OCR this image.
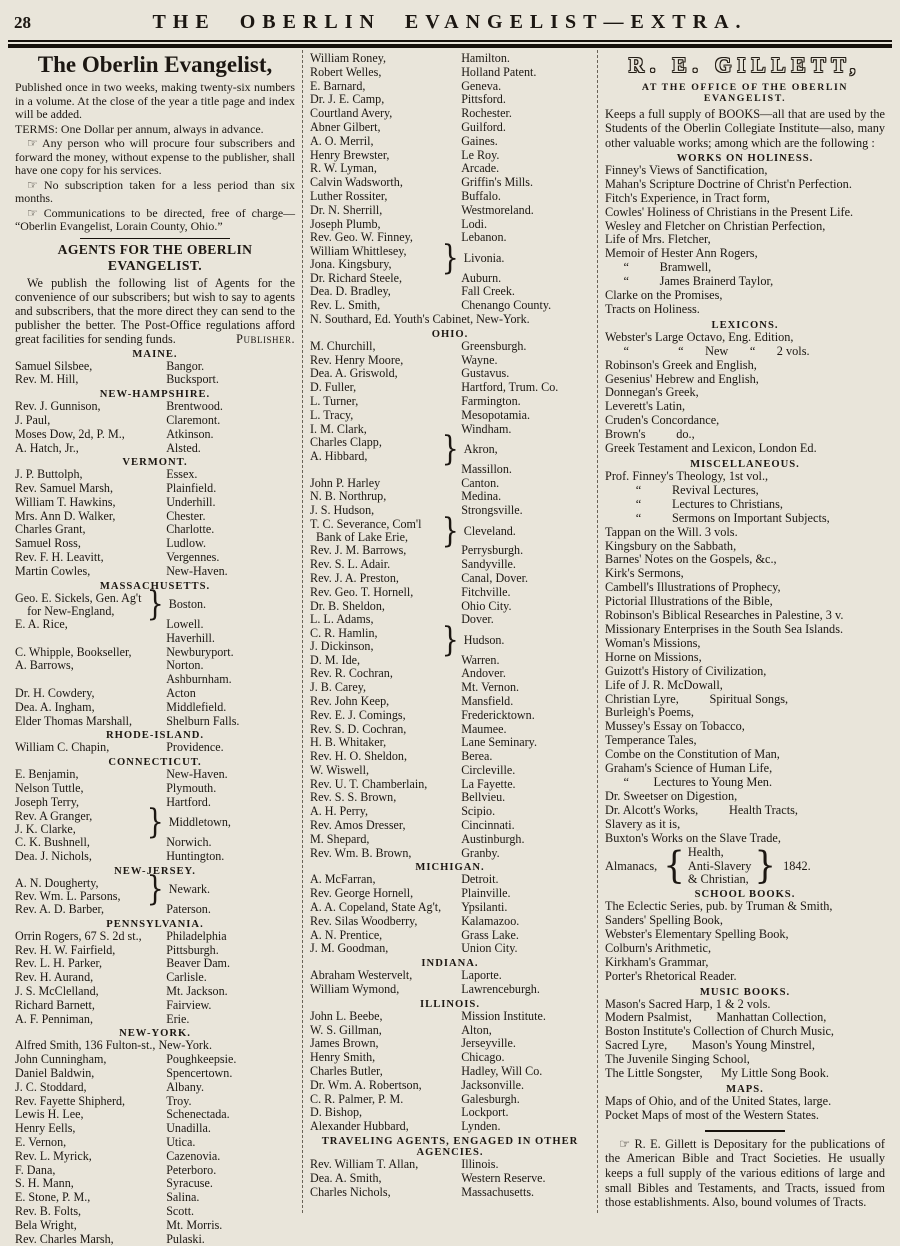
28	THE OBERLIN EVANGELIST—EXTRA.
The Oberlin Evangelist,

Published once in two weeks, making twenty-six numbers in a volume. At the close of the year a title page and index will be added.

TERMS: One Dollar per annum, always in advance.

☞ Any person who will procure four subscribers and forward the money, without expense to the publisher, shall have one copy for his services.

☞ No subscription taken for a less period than six months.

☞ Communications to be directed, free of charge— “Oberlin Evangelist, Lorain County, Ohio.”

AGENTS FOR THE OBERLIN EVANGELIST.

We publish the following list of Agents for the convenience of our subscribers; but wish to say to agents and subscribers, that the more direct they can send to the publisher the better. The Post-Office regulations afford great facilities for sending funds.	Publisher.

MAINE.
Samuel Silsbee,	Bangor.
Rev. M. Hill,	Bucksport.
NEW-HAMPSHIRE.
Rev. J. Gunnison,	Brentwood.
J. Paul,	Claremont.
Moses Dow, 2d, P. M.,	Atkinson.
A. Hatch, Jr.,	Alsted.
VERMONT.
J. P. Buttolph,	Essex.
Rev. Samuel Marsh,	Plainfield.
William T. Hawkins,	Underhill.
Mrs. Ann D. Walker,	Chester.
Charles Grant,	Charlotte.
Samuel Ross,	Ludlow.
Rev. F. H. Leavitt,	Vergennes.
Martin Cowles,	New-Haven.
MASSACHUSETTS.
Geo. E. Sickels, Gen. Ag't
for New-England,	} Boston.
E. A. Rice,	Lowell.
Haverhill.
C. Whipple, Bookseller,	Newburyport.
A. Barrows,	Norton.
Ashburnham.
Dr. H. Cowdery,	Acton
Dea. A. Ingham,	Middlefield.
Elder Thomas Marshall,	Shelburn Falls.
RHODE-ISLAND.
William C. Chapin,	Providence.
CONNECTICUT.
E. Benjamin,	New-Haven.
Nelson Tuttle,	Plymouth.
Joseph Terry,	Hartford.
Rev. A Granger,
J. K. Clarke,	} Middletown,
C. K. Bushnell,	Norwich.
Dea. J. Nichols,	Huntington.
NEW-JERSEY.
A. N. Dougherty,
Rev. Wm. L. Parsons, } Newark.
Rev. A. D. Barber,	Paterson.
PENNSYLVANIA.
Orrin Rogers, 67 S. 2d st.,	Philadelphia
Rev. H. W. Fairfield,	Pittsburgh.
Rev. L. H. Parker,	Beaver Dam.
Rev. H. Aurand,	Carlisle.
J. S. McClelland,	Mt. Jackson.
Richard Barnett,	Fairview.
A. F. Penniman,	Erie.
NEW-YORK.
Alfred Smith, 136 Fulton-st., New-York.
John Cunningham,	Poughkeepsie.
Daniel Baldwin,	Spencertown.
J. C. Stoddard,	Albany.
Rev. Fayette Shipherd,	Troy.
Lewis H. Lee,	Schenectada.
Henry Eells,	Unadilla.
E. Vernon,	Utica.
Rev. L. Myrick,	Cazenovia.
F. Dana,	Peterboro.
S. H. Mann,	Syracuse.
E. Stone, P. M.,	Salina.
Rev. B. Folts,	Scott.
Bela Wright,	Mt. Morris.
Rev. Charles Marsh,	Pulaski.
William Roney,	Hamilton.
Robert Welles,	Holland Patent.
E. Barnard,	Geneva.
Dr. J. E. Camp,	Pittsford.
Courtland Avery,	Rochester.
Abner Gilbert,	Guilford.
A. O. Merril,	Gaines.
Henry Brewster,	Le Roy.
R. W. Lyman,	Arcade.
Calvin Wadsworth,	Griffin's Mills.
Luther Rossiter,	Buffalo.
Dr. N. Sherrill,	Westmoreland.
Joseph Plumb,	Lodi.
Rev. Geo. W. Finney,	Lebanon.
William Whittlesey,
Jona. Kingsbury,	} Livonia.
Dr. Richard Steele,	Auburn.
Dea. D. Bradley,	Fall Creek.
Rev. L. Smith,	Chenango County.
N. Southard, Ed. Youth's Cabinet, New-York.
OHIO.
M. Churchill,	Greensburgh.
Rev. Henry Moore,	Wayne.
Dea. A. Griswold,	Gustavus.
D. Fuller,	Hartford, Trum. Co.
L. Turner,	Farmington.
L. Tracy,	Mesopotamia.
I. M. Clark,	Windham.
Charles Clapp,
A. Hibbard,	} Akron,
Massillon.
John P. Harley	Canton.
N. B. Northrup,	Medina.
J. S. Hudson,	Strongsville.
T. C. Severance, Com'l
Bank of Lake Erie,	} Cleveland.
Rev. J. M. Barrows,	Perrysburgh.
Rev. S. L. Adair.	Sandyville.
Rev. J. A. Preston,	Canal, Dover.
Rev. Geo. T. Hornell,	Fitchville.
Dr. B. Sheldon,	Ohio City.
L. L. Adams,	Dover.
C. R. Hamlin,
J. Dickinson,	} Hudson.
D. M. Ide,	Warren.
Rev. R. Cochran,	Andover.
J. B. Carey,	Mt. Vernon.
Rev. John Keep,	Mansfield.
Rev. E. J. Comings,	Fredericktown.
Rev. S. D. Cochran,	Maumee.
H. B. Whitaker,	Lane Seminary.
Rev. H. O. Sheldon,	Berea.
W. Wiswell,	Circleville.
Rev. U. T. Chamberlain,	La Fayette.
Rev. S. S. Brown,	Bellvieu.
A. H. Perry,	Scipio.
Rev. Amos Dresser,	Cincinnati.
M. Shepard,	Austinburgh.
Rev. Wm. B. Brown,	Granby.
MICHIGAN.
A. McFarran,	Detroit.
Rev. George Hornell,	Plainville.
A. A. Copeland, State Ag't,	Ypsilanti.
Rev. Silas Woodberry,	Kalamazoo.
A. N. Prentice,	Grass Lake.
J. M. Goodman,	Union City.
INDIANA.
Abraham Westervelt,	Laporte.
William Wymond,	Lawrenceburgh.
ILLINOIS.
John L. Beebe,	Mission Institute.
W. S. Gillman,	Alton,
James Brown,	Jerseyville.
Henry Smith,	Chicago.
Charles Butler,	Hadley, Will Co.
Dr. Wm. A. Robertson,	Jacksonville.
C. R. Palmer, P. M.	Galesburgh.
D. Bishop,	Lockport.
Alexander Hubbard,	Lynden.
TRAVELING AGENTS, ENGAGED IN OTHER AGENCIES.
Rev. William T. Allan,	Illinois.
Dea. A. Smith,	Western Reserve.
Charles Nichols,	Massachusetts.
R. E. GILLETT,
AT THE OFFICE OF THE OBERLIN EVANGELIST.

Keeps a full supply of BOOKS—all that are used by the Students of the Oberlin Collegiate Institute—also, many other valuable works; among which are the following :

WORKS ON HOLINESS.
Finney's Views of Sanctification,
Mahan's Scripture Doctrine of Christ'n Perfection.
Fitch's Experience, in Tract form,
Cowles' Holiness of Christians in the Present Life.
Wesley and Fletcher on Christian Perfection,
Life of Mrs. Fletcher,
Memoir of Hester Ann Rogers,
“          Bramwell,
“          James Brainerd Taylor,
Clarke on the Promises,
Tracts on Holiness.
LEXICONS.
Webster's Large Octavo, Eng. Edition,
“                “       New       “       2 vols.
Robinson's Greek and English,
Gesenius' Hebrew and English,
Donnegan's Greek,
Leverett's Latin,
Cruden's Concordance,
Brown's          do.,
Greek Testament and Lexicon, London Ed.
MISCELLANEOUS.
Prof. Finney's Theology, 1st vol.,
“          Revival Lectures,
“          Lectures to Christians,
“          Sermons on Important Subjects,
Tappan on the Will. 3 vols.
Kingsbury on the Sabbath,
Barnes' Notes on the Gospels, &c.,
Kirk's Sermons,
Cambell's Illustrations of Prophecy,
Pictorial Illustrations of the Bible,
Robinson's Biblical Researches in Palestine, 3 v.
Missionary Enterprises in the South Sea Islands.
Woman's Missions,
Horne on Missions,
Guizott's History of Civilization,
Life of J. R. McDowall,
Christian Lyre,          Spiritual Songs,
Burleigh's Poems,
Mussey's Essay on Tobacco,
Temperance Tales,
Combe on the Constitution of Man,
Graham's Science of Human Life,
“        Lectures to Young Men.
Dr. Sweetser on Digestion,
Dr. Alcott's Works,          Health Tracts,
Slavery as it is,
Buxton's Works on the Slave Trade,
Almanacs, { Health,
Anti-Slavery
& Christian, } 1842.
SCHOOL BOOKS.
The Eclectic Series, pub. by Truman & Smith,
Sanders' Spelling Book,
Webster's Elementary Spelling Book,
Colburn's Arithmetic,
Kirkham's Grammar,
Porter's Rhetorical Reader.
MUSIC BOOKS.
Mason's Sacred Harp, 1 & 2 vols.
Modern Psalmist,        Manhattan Collection,
Boston Institute's Collection of Church Music,
Sacred Lyre,        Mason's Young Minstrel,
The Juvenile Singing School,
The Little Songster,      My Little Song Book.
MAPS.
Maps of Ohio, and of the United States, large.
Pocket Maps of most of the Western States.

☞ R. E. Gillett is Depositary for the publications of the American Bible and Tract Societies. He usually keeps a full supply of the various editions of large and small Bibles and Testaments, and Tracts, issued from those establishments. Also, bound volumes of Tracts.
